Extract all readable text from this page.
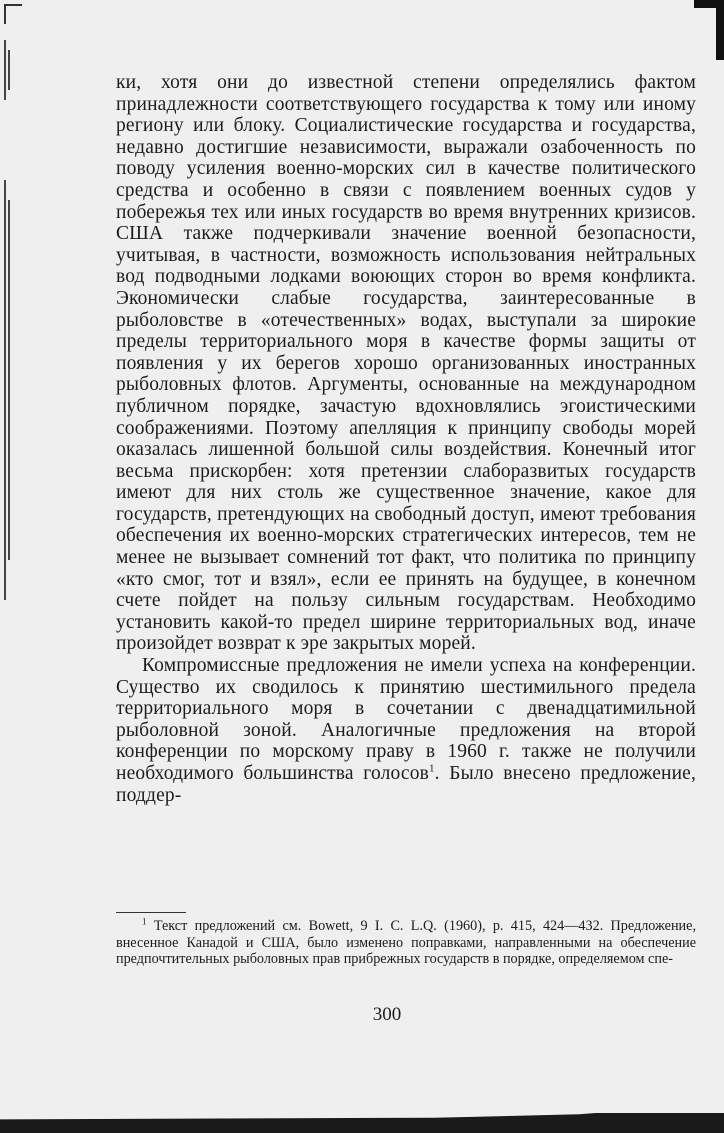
ки, хотя они до известной степени определялись фактом принадлежности соответствующего государства к тому или иному региону или блоку. Социалистические государства и государства, недавно достигшие независимости, выражали озабоченность по поводу усиления военно-морских сил в качестве политического средства и особенно в связи с появлением военных судов у побережья тех или иных государств во время внутренних кризисов. США также подчеркивали значение военной безопасности, учитывая, в частности, возможность использования нейтральных вод подводными лодками воюющих сторон во время конфликта. Экономически слабые государства, заинтересованные в рыболовстве в «отечественных» водах, выступали за широкие пределы территориального моря в качестве формы защиты от появления у их берегов хорошо организованных иностранных рыболовных флотов. Аргументы, основанные на международном публичном порядке, зачастую вдохновлялись эгоистическими соображениями. Поэтому апелляция к принципу свободы морей оказалась лишенной большой силы воздействия. Конечный итог весьма прискорбен: хотя претензии слаборазвитых государств имеют для них столь же существенное значение, какое для государств, претендующих на свободный доступ, имеют требования обеспечения их военно-морских стратегических интересов, тем не менее не вызывает сомнений тот факт, что политика по принципу «кто смог, тот и взял», если ее принять на будущее, в конечном счете пойдет на пользу сильным государствам. Необходимо установить какой-то предел ширине территориальных вод, иначе произойдет возврат к эре закрытых морей.

Компромиссные предложения не имели успеха на конференции. Существо их сводилось к принятию шестимильного предела территориального моря в сочетании с двенадцатимильной рыболовной зоной. Аналогичные предложения на второй конференции по морскому праву в 1960 г. также не получили необходимого большинства голосов$^1$. Было внесено предложение, поддер-

$^1$ Текст предложений см. Bowett, 9 I. C. L.Q. (1960), p. 415, 424—432. Предложение, внесенное Канадой и США, было изменено поправками, направленными на обеспечение предпочтительных рыболовных прав прибрежных государств в порядке, определяемом спе-

300
